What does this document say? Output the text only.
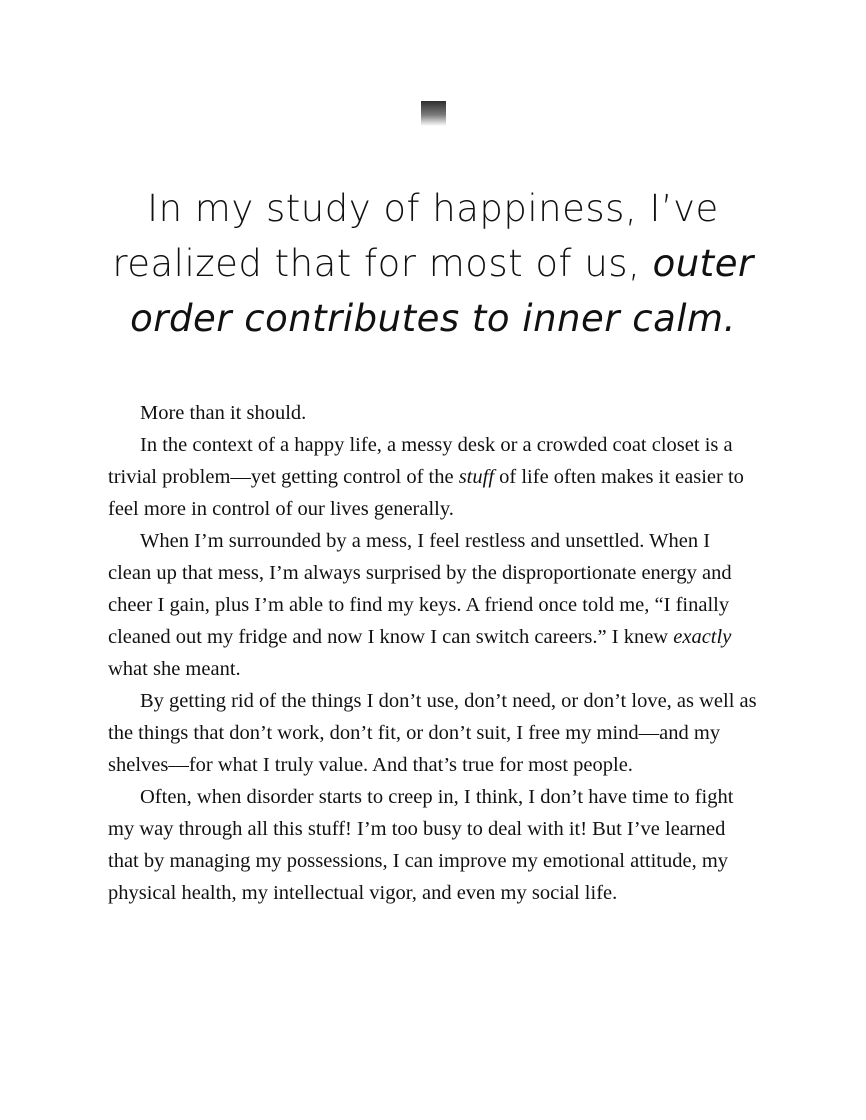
In my study of happiness, I’ve realized that for most of us, outer order contributes to inner calm.

More than it should.

In the context of a happy life, a messy desk or a crowded coat closet is a trivial problem—yet getting control of the stuff of life often makes it easier to feel more in control of our lives generally.

When I’m surrounded by a mess, I feel restless and unsettled. When I clean up that mess, I’m always surprised by the disproportionate energy and cheer I gain, plus I’m able to find my keys. A friend once told me, “I finally cleaned out my fridge and now I know I can switch careers.” I knew exactly what she meant.

By getting rid of the things I don’t use, don’t need, or don’t love, as well as the things that don’t work, don’t fit, or don’t suit, I free my mind—and my shelves—for what I truly value. And that’s true for most people.

Often, when disorder starts to creep in, I think, I don’t have time to fight my way through all this stuff! I’m too busy to deal with it! But I’ve learned that by managing my possessions, I can improve my emotional attitude, my physical health, my intellectual vigor, and even my social life.
